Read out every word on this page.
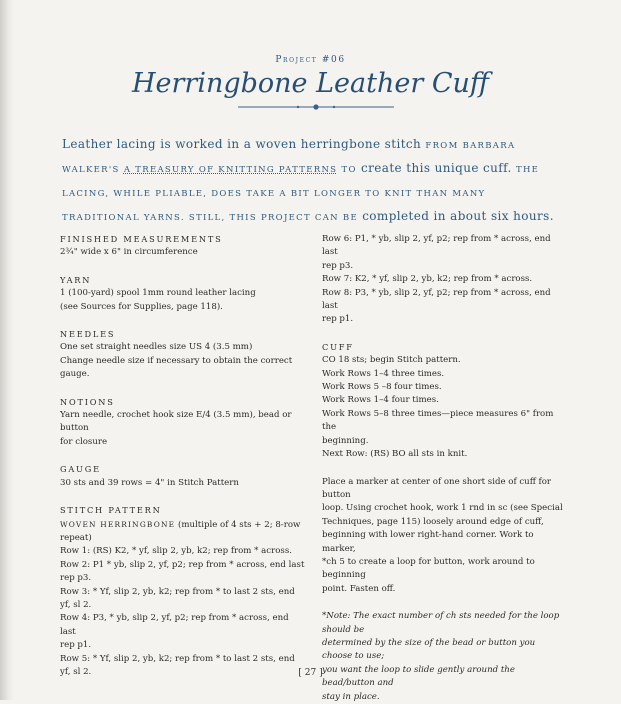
Project #06
Herringbone Leather Cuff
Leather lacing is worked in a woven herringbone stitch FROM BARBARA WALKER'S A TREASURY OF KNITTING PATTERNS TO create this unique cuff. THE LACING, WHILE PLIABLE, DOES TAKE A BIT LONGER TO KNIT THAN MANY TRADITIONAL YARNS. STILL, THIS PROJECT CAN BE completed in about six hours.
FINISHED MEASUREMENTS
2¾" wide x 6" in circumference
YARN
1 (100-yard) spool 1mm round leather lacing
(see Sources for Supplies, page 118).
NEEDLES
One set straight needles size US 4 (3.5 mm)
Change needle size if necessary to obtain the correct gauge.
NOTIONS
Yarn needle, crochet hook size E/4 (3.5 mm), bead or button
for closure
GAUGE
30 sts and 39 rows = 4" in Stitch Pattern
STITCH PATTERN
WOVEN HERRINGBONE (multiple of 4 sts + 2; 8-row repeat)
Row 1: (RS) K2, * yf, slip 2, yb, k2; rep from * across.
Row 2: P1 * yb, slip 2, yf, p2; rep from * across, end last
rep p3.
Row 3: * Yf, slip 2, yb, k2; rep from * to last 2 sts, end yf, sl 2.
Row 4: P3, * yb, slip 2, yf, p2; rep from * across, end last
rep p1.
Row 5: * Yf, slip 2, yb, k2; rep from * to last 2 sts, end yf, sl 2.
Row 6: P1, * yb, slip 2, yf, p2; rep from * across, end last
rep p3.
Row 7: K2, * yf, slip 2, yb, k2; rep from * across.
Row 8: P3, * yb, slip 2, yf, p2; rep from * across, end last
rep p1.
CUFF
CO 18 sts; begin Stitch pattern.
Work Rows 1–4 three times.
Work Rows 5 –8 four times.
Work Rows 1–4 four times.
Work Rows 5–8 three times—piece measures 6" from the
beginning.
Next Row: (RS) BO all sts in knit.
Place a marker at center of one short side of cuff for button
loop. Using crochet hook, work 1 rnd in sc (see Special
Techniques, page 115) loosely around edge of cuff,
beginning with lower right-hand corner. Work to marker,
*ch 5 to create a loop for button, work around to beginning
point. Fasten off.
*Note: The exact number of ch sts needed for the loop should be
determined by the size of the bead or button you choose to use;
you want the loop to slide gently around the bead/button and
stay in place.
[ 27 ]
